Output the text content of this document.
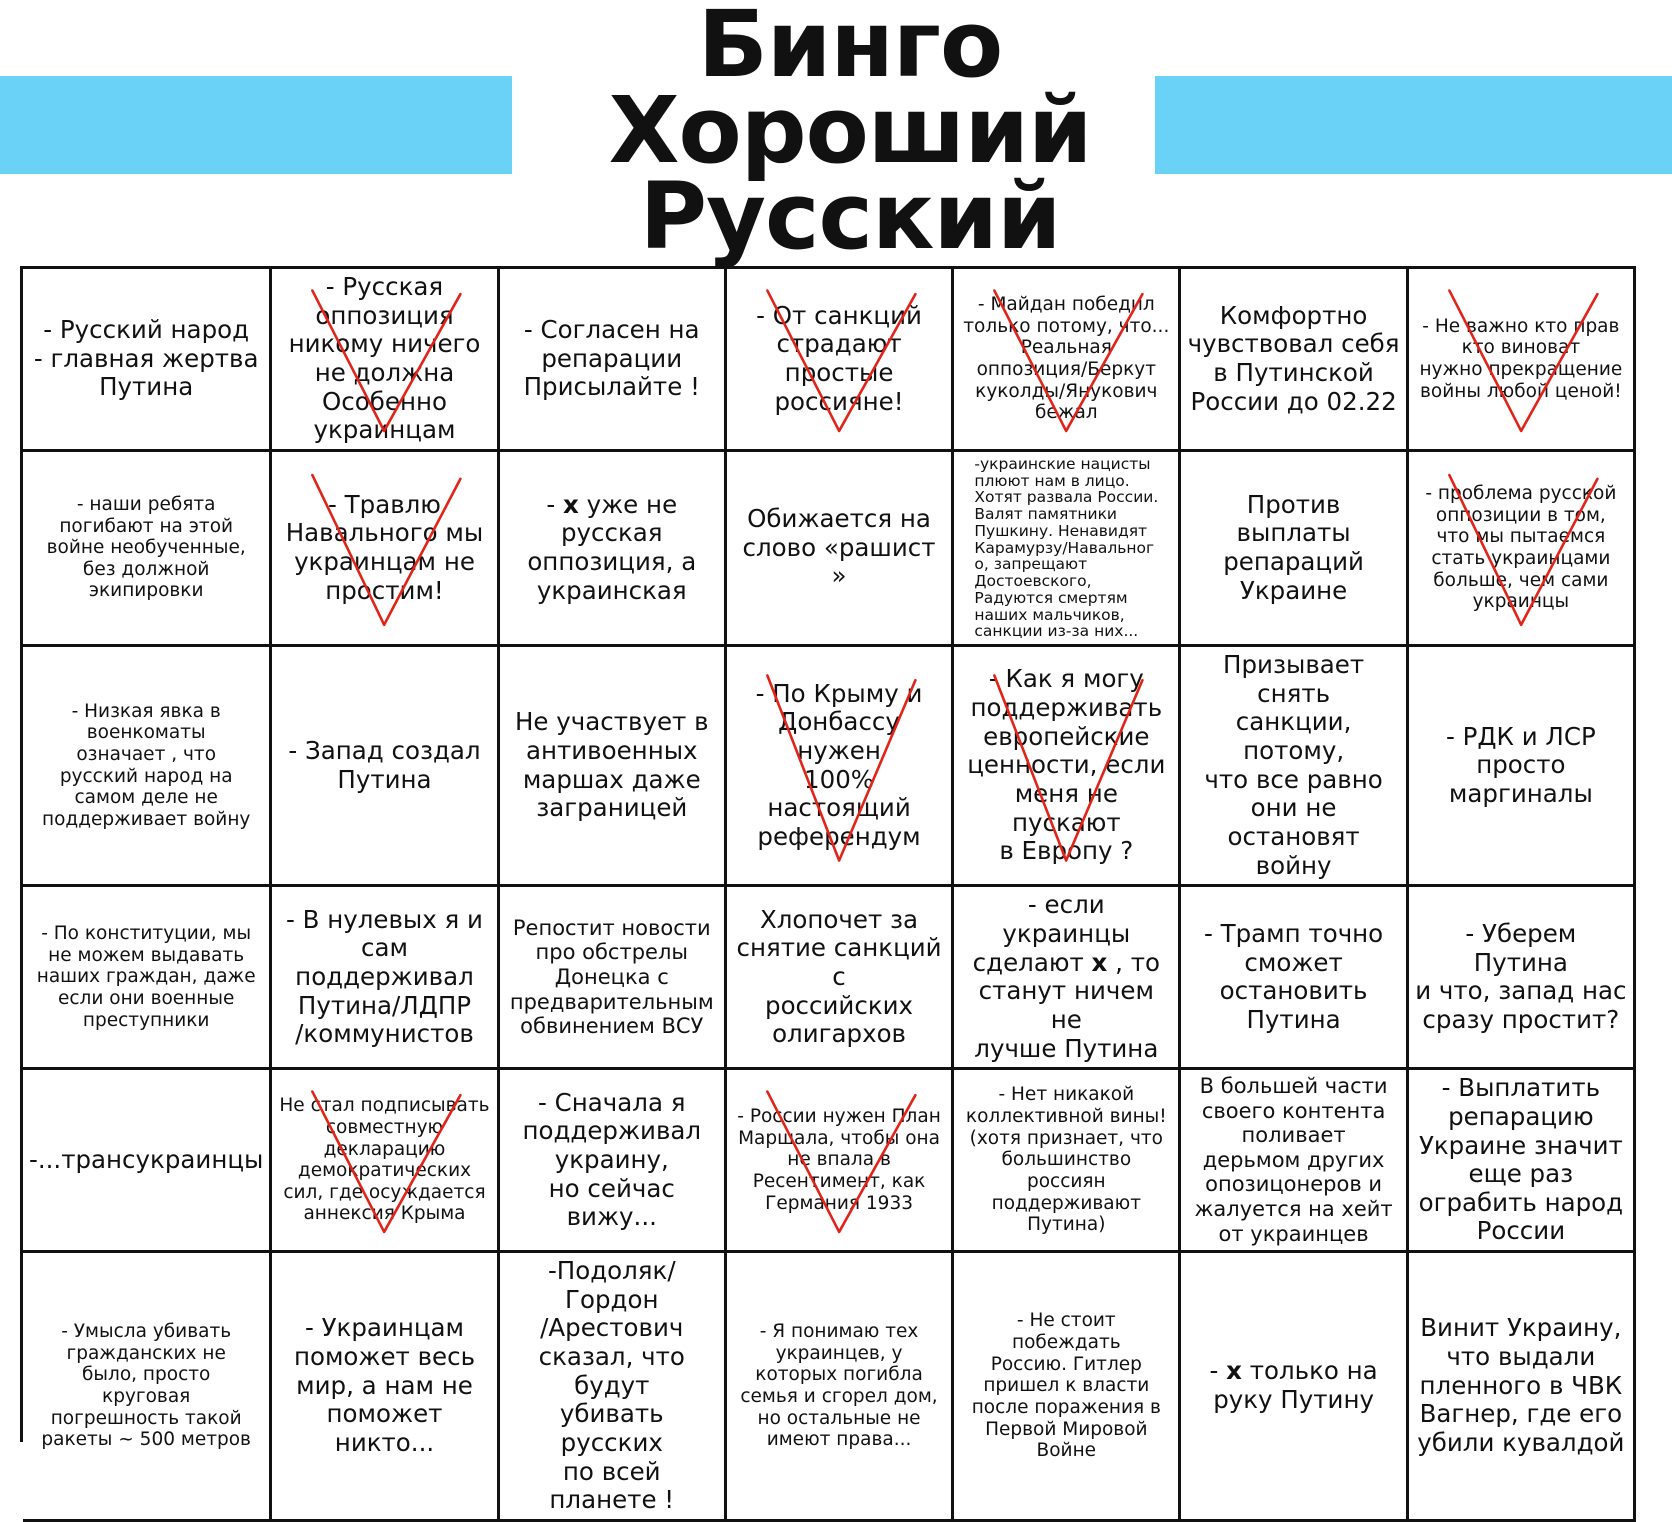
Бинго
Хороший
Русский
- Русский народ
- главная жертва
Путина
- Русская
оппозиция
никому ничего
не должна
Особенно
украинцам
- Согласен на
репарации
Присылайте !
- От санкций
страдают
простые
россияне!
- Майдан победил
только потому, что...
Реальная
оппозиция/Беркут
куколды/Янукович
бежал
Комфортно
чувствовал себя
в Путинской
России до 02.22
- Не важно кто прав
кто виноват
нужно прекращение
войны любой ценой!
- наши ребята
погибают на этой
войне необученные,
без должной
экипировки
- Травлю
Навального мы
украинцам не
простим!
- х уже не
русская
оппозиция, а
украинская
Обижается на
слово «рашист »
-украинские нацисты
плюют нам в лицо.
Хотят развала России.
Валят памятники
Пушкину. Ненавидят
Карамурзу/Навальног
о, запрещают
Достоевского,
Радуются смертям
наших мальчиков,
санкции из-за них...
Против
выплаты
репараций
Украине
- проблема русской
оппозиции в том,
что мы пытаемся
стать украинцами
больше, чем сами
украинцы
- Низкая явка в
военкоматы
означает , что
русский народ на
самом деле не
поддерживает войну
- Запад создал
Путина
Не участвует в
антивоенных
маршах даже
заграницей
- По Крыму и
Донбассу нужен
100%
настоящий
референдум
- Как я могу
поддерживать
европейские
ценности, если
меня не пускают
в Европу ?
Призывает снять
санкции, потому,
что все равно
они не
остановят войну
- РДК и ЛСР
просто
маргиналы
- По конституции, мы
не можем выдавать
наших граждан, даже
если они военные
преступники
- В нулевых я и
сам
поддерживал
Путина/ЛДПР
/коммунистов
Репостит новости
про обстрелы
Донецка с
предварительным
обвинением ВСУ
Хлопочет за
снятие санкций с
российских
олигархов
- если украинцы
сделают х , то
станут ничем не
лучше Путина
- Трамп точно
сможет
остановить
Путина
- Уберем Путина
и что, запад нас
сразу простит?
-...трансукраинцы
Не стал подписывать
совместную
декларацию
демократических
сил, где осуждается
аннексия Крыма
- Сначала я
поддерживал
украину,
но сейчас
вижу...
- России нужен План
Маршала, чтобы она
не впала в
Ресентимент, как
Германия 1933
- Нет никакой
коллективной вины!
(хотя признает, что
большинство
россиян
поддерживают
Путина)
В большей части
своего контента
поливает
дерьмом других
опозицонеров и
жалуется на хейт
от украинцев
- Выплатить
репарацию
Украине значит
еще раз
ограбить народ
России
- Умысла убивать
гражданских не
было, просто
круговая
погрешность такой
ракеты ~ 500 метров
- Украинцам
поможет весь
мир, а нам не
поможет никто...
-Подоляк/Гордон
/Арестович
сказал, что будут
убивать русских
по всей планете !
- Я понимаю тех
украинцев, у
которых погибла
семья и сгорел дом,
но остальные не
имеют права...
- Не стоит побеждать
Россию. Гитлер
пришел к власти
после поражения в
Первой Мировой
Войне
- х только на
руку Путину
Винит Украину,
что выдали
пленного в ЧВК
Вагнер, где его
убили кувалдой
